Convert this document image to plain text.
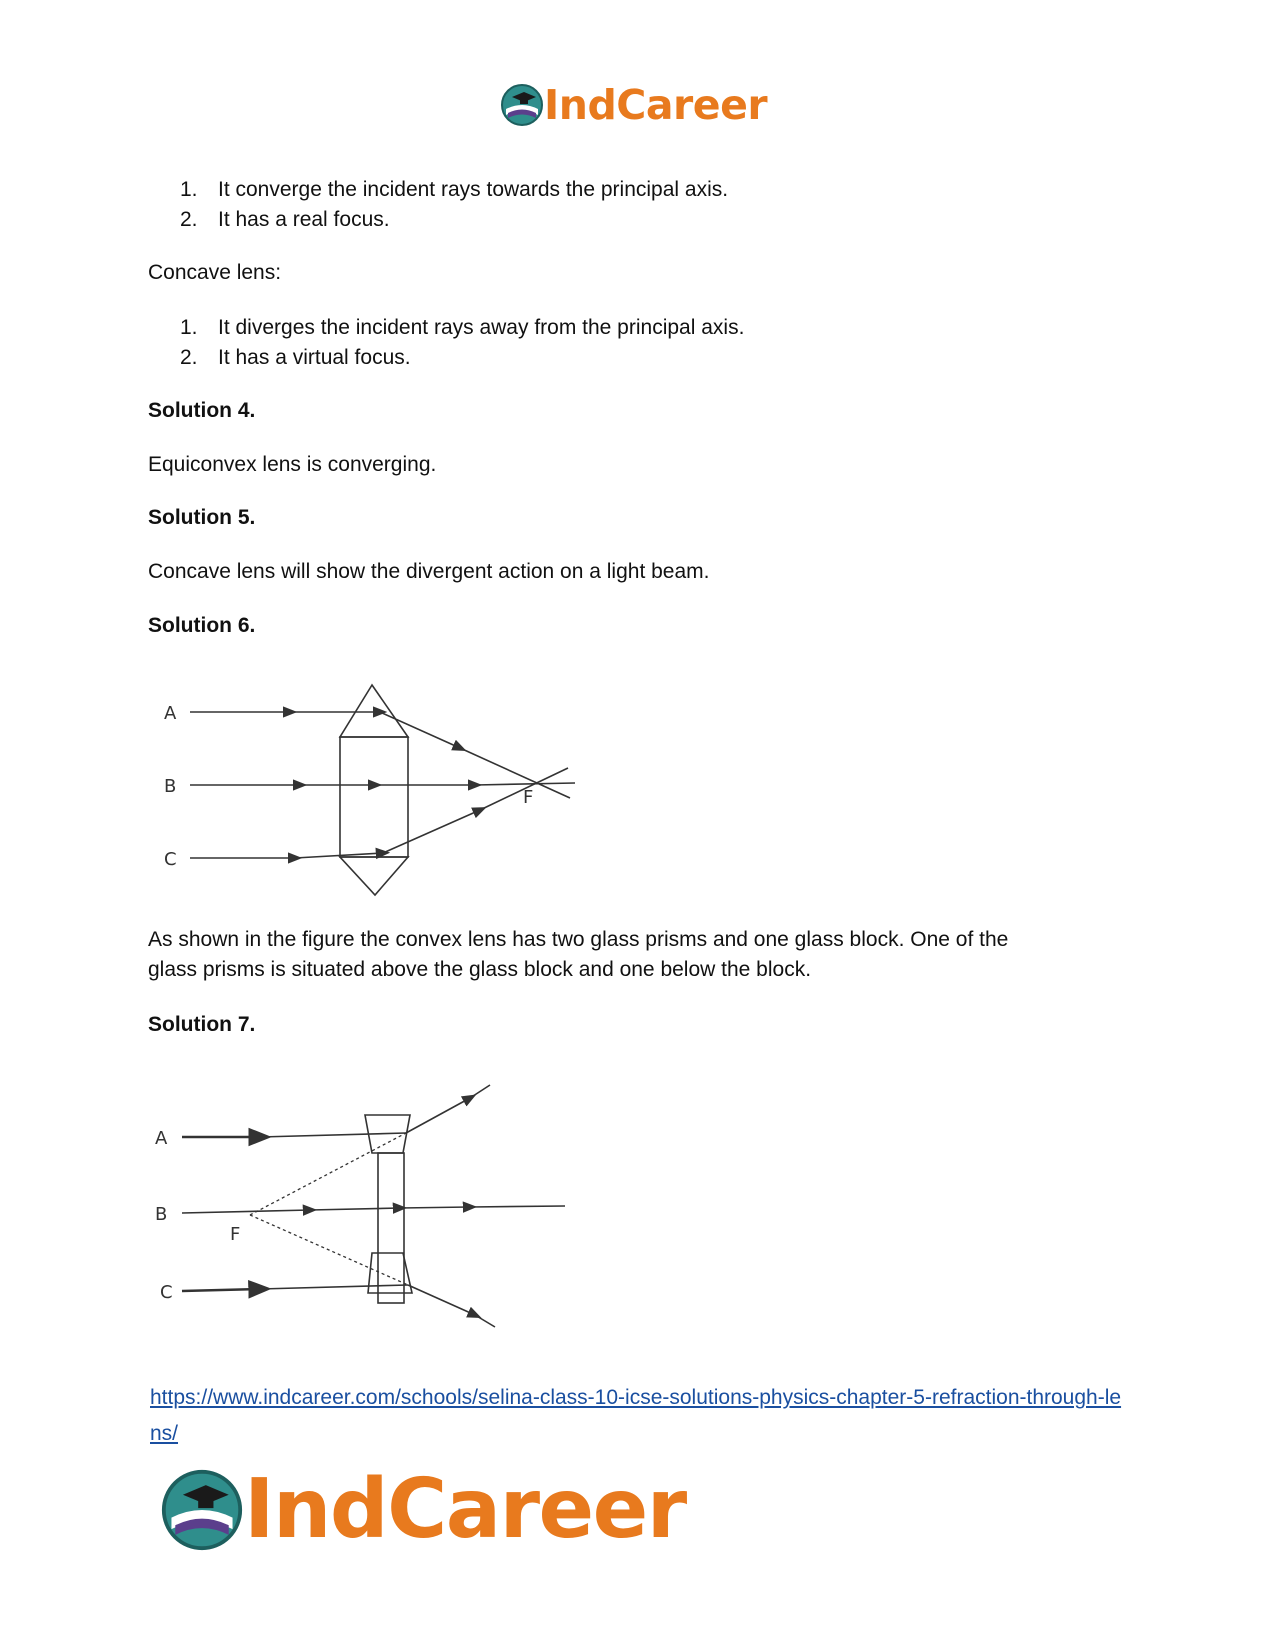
IndCareer
1. It converge the incident rays towards the principal axis.
2. It has a real focus.
Concave lens:
1. It diverges the incident rays away from the principal axis.
2. It has a virtual focus.
Solution 4.
Equiconvex lens is converging.
Solution 5.
Concave lens will show the divergent action on a light beam.
Solution 6.
A
B
C
F
As shown in the figure the convex lens has two glass prisms and one glass block. One of the
glass prisms is situated above the glass block and one below the block.
Solution 7.
A
B
C
F
https://www.indcareer.com/schools/selina-class-10-icse-solutions-physics-chapter-5-refraction-through-lens/
IndCareer
